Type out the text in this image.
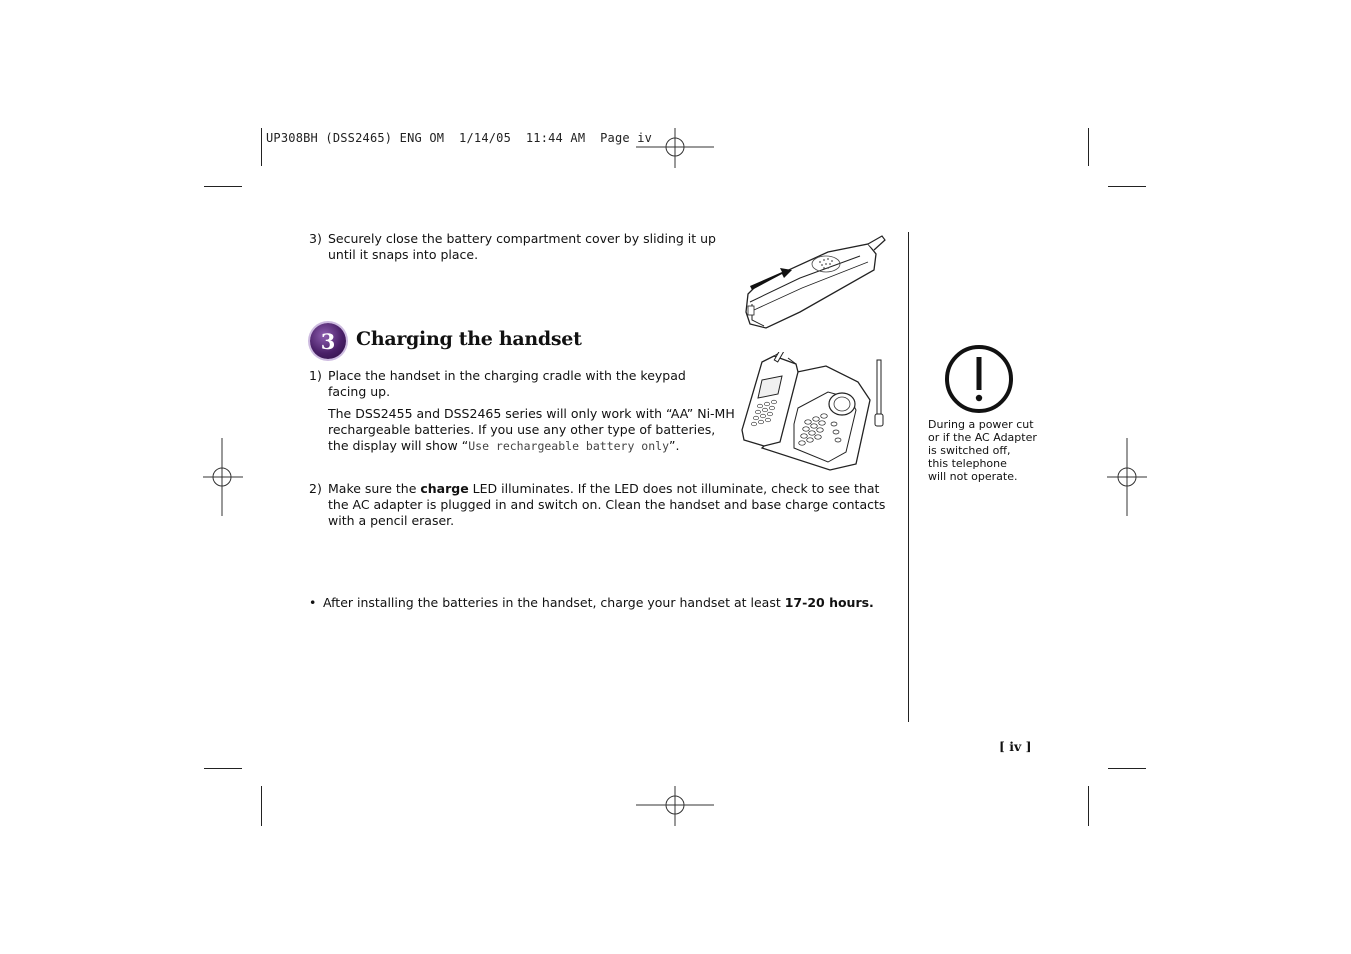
UP308BH (DSS2465) ENG OM  1/14/05  11:44 AM  Page iv
3) Securely close the battery compartment cover by sliding it up
until it snaps into place.
3	Charging the handset
1) Place the handset in the charging cradle with the keypad
facing up.
The DSS2455 and DSS2465 series will only work with “AA” Ni-MH
rechargeable batteries. If you use any other type of batteries,
the display will show “Use rechargeable battery only”.
2) Make sure the charge LED illuminates. If the LED does not illuminate, check to see that
the AC adapter is plugged in and switch on. Clean the handset and base charge contacts
with a pencil eraser.
• After installing the batteries in the handset, charge your handset at least 17-20 hours.
During a power cut
or if the AC Adapter
is switched off,
this telephone
will not operate.
[ iv ]
